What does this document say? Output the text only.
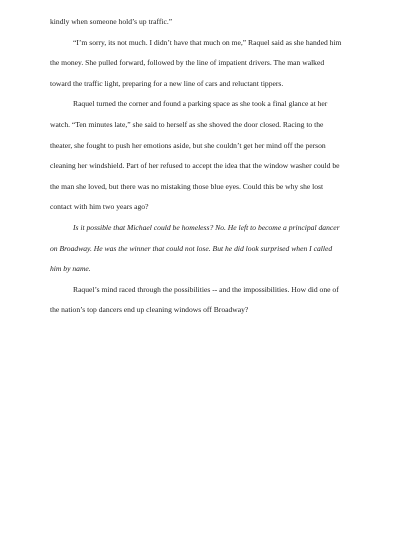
kindly when someone hold’s up traffic.”

“I’m sorry, its not much. I didn’t have that much on me,” Raquel said as she handed him
the money. She pulled forward, followed by the line of impatient drivers. The man walked
toward the traffic light, preparing for a new line of cars and reluctant tippers.

Raquel turned the corner and found a parking space as she took a final glance at her
watch. “Ten minutes late,” she said to herself as she shoved the door closed. Racing to the
theater, she fought to push her emotions aside, but she couldn’t get her mind off the person
cleaning her windshield. Part of her refused to accept the idea that the window washer could be
the man she loved, but there was no mistaking those blue eyes. Could this be why she lost
contact with him two years ago?

Is it possible that Michael could be homeless? No. He left to become a principal dancer
on Broadway. He was the winner that could not lose. But he did look surprised when I called
him by name.

Raquel’s mind raced through the possibilities -- and the impossibilities. How did one of
the nation’s top dancers end up cleaning windows off Broadway?
